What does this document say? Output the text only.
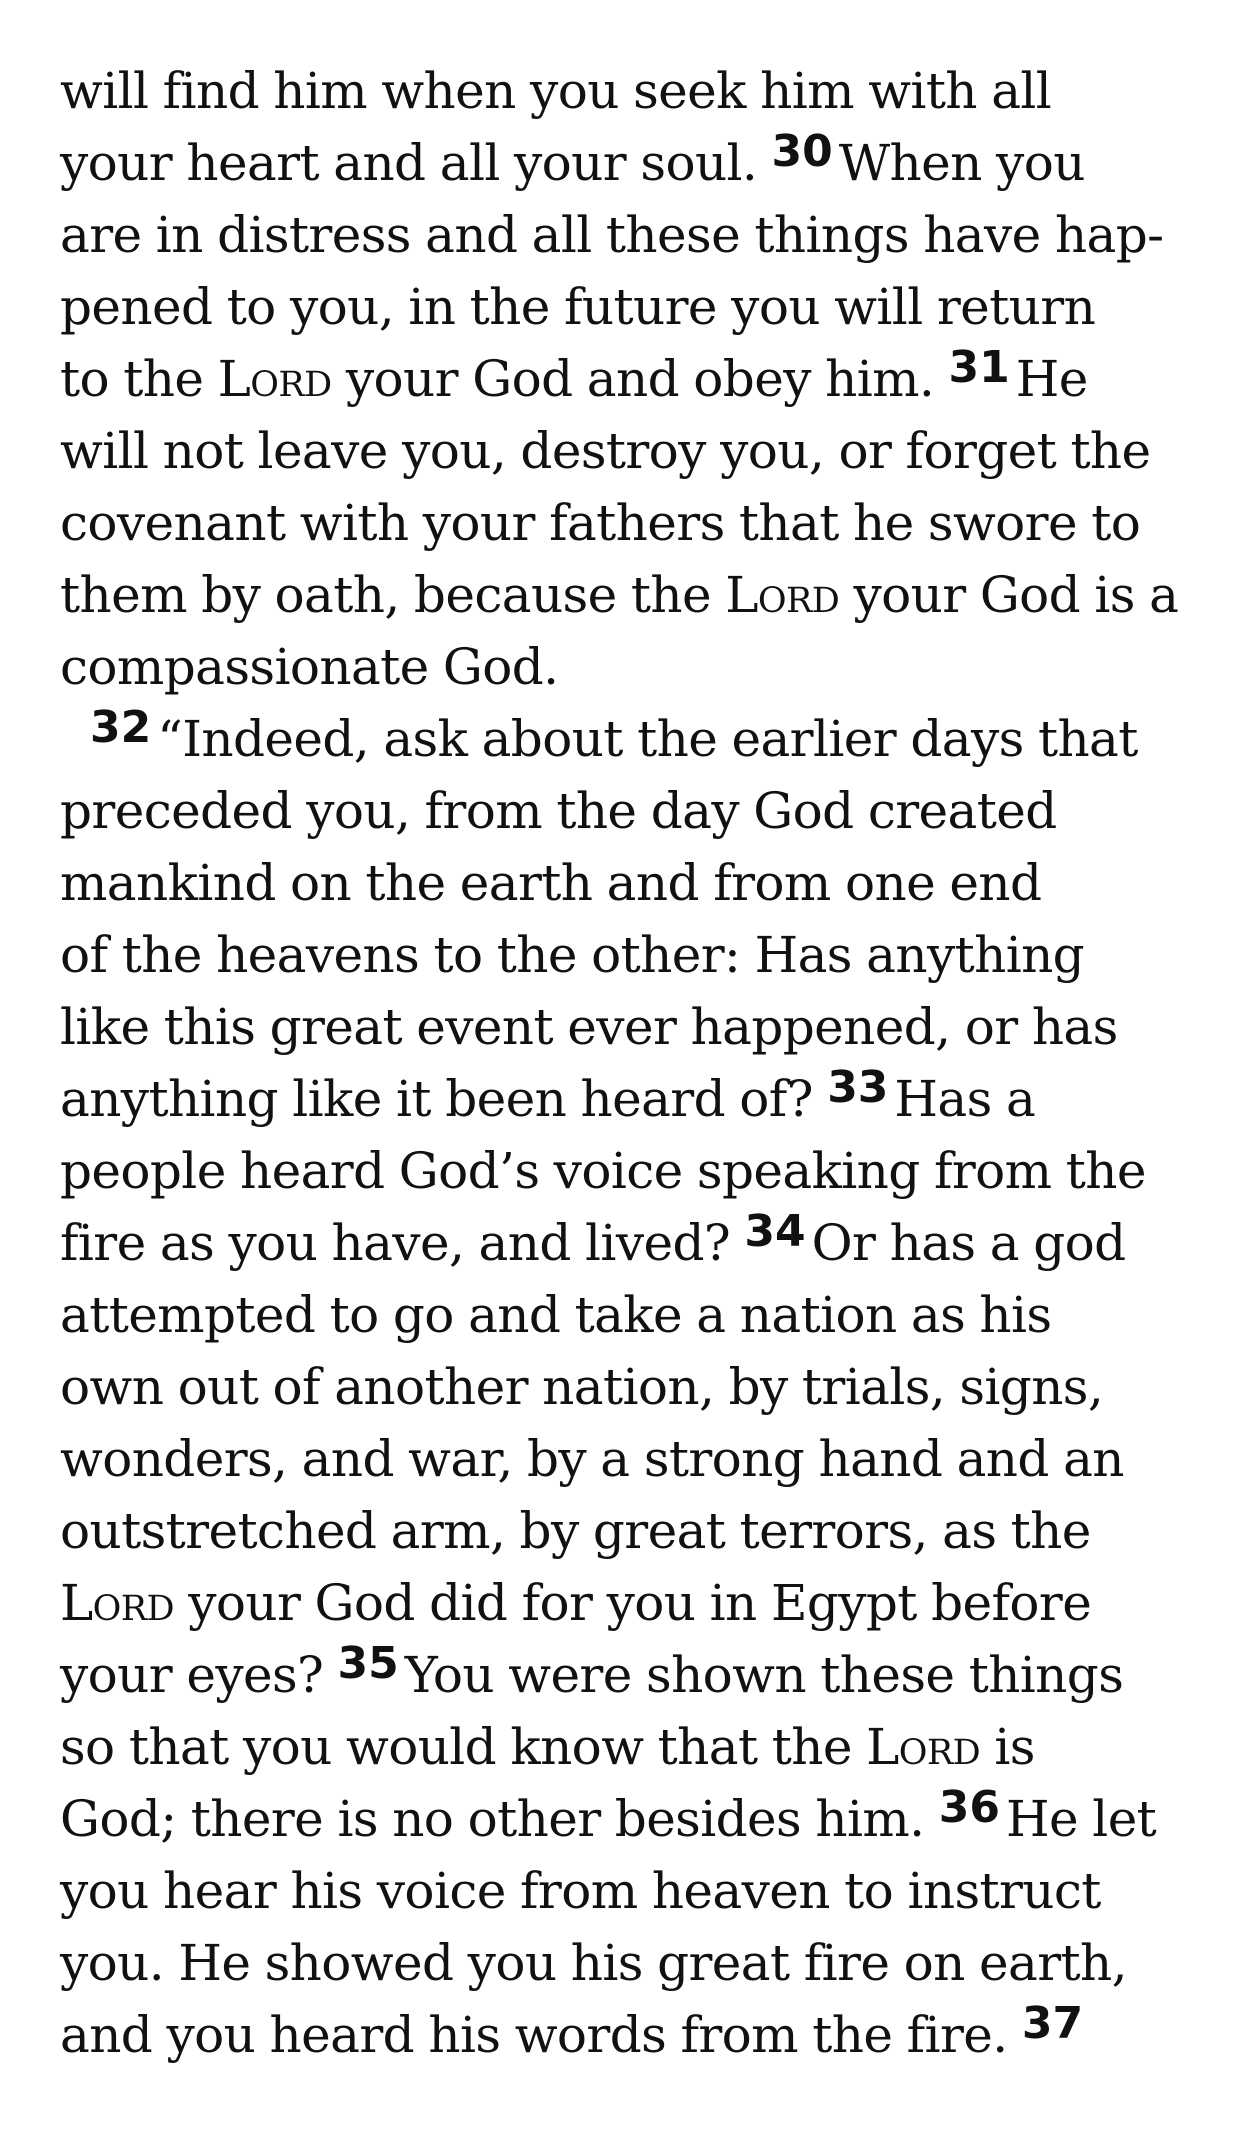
will find him when you seek him with all
your heart and all your soul. 30 When you
are in distress and all these things have hap-
pened to you, in the future you will return
to the Lord your God and obey him. 31 He
will not leave you, destroy you, or forget the
covenant with your fathers that he swore to
them by oath, because the Lord your God is a
compassionate God.
32 “Indeed, ask about the earlier days that
preceded you, from the day God created
mankind on the earth and from one end
of the heavens to the other: Has anything
like this great event ever happened, or has
anything like it been heard of? 33 Has a
people heard God’s voice speaking from the
fire as you have, and lived? 34 Or has a god
attempted to go and take a nation as his
own out of another nation, by trials, signs,
wonders, and war, by a strong hand and an
outstretched arm, by great terrors, as the
Lord your God did for you in Egypt before
your eyes? 35 You were shown these things
so that you would know that the Lord is
God; there is no other besides him. 36 He let
you hear his voice from heaven to instruct
you. He showed you his great fire on earth,
and you heard his words from the fire. 37
